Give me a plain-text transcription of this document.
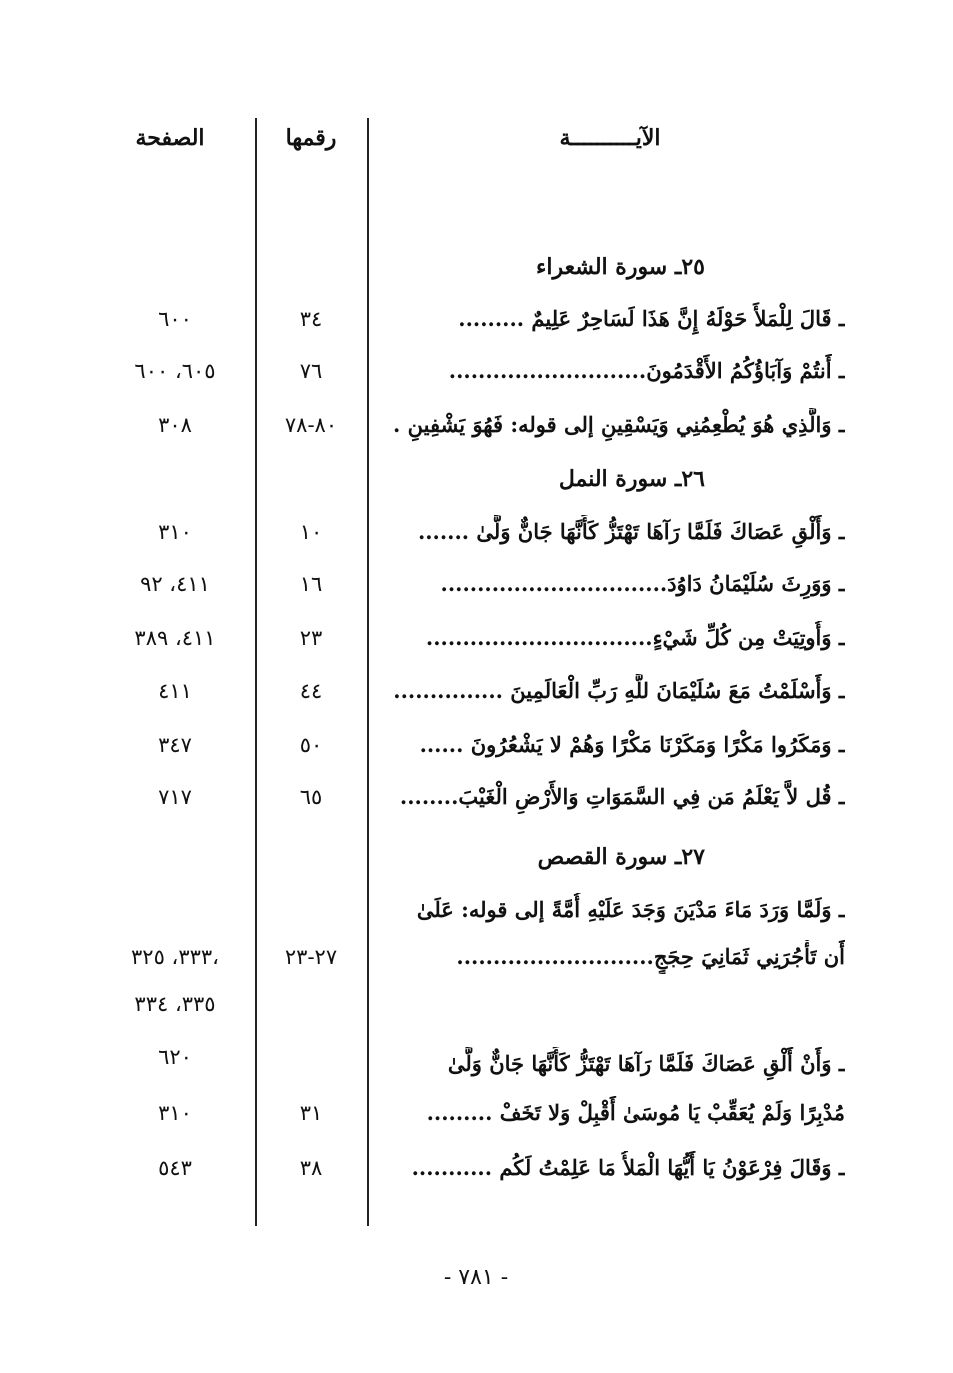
الصفحة	رقمها	الآيــــــــــة
٢٥ـ سورة الشعراء
ـ قَالَ لِلْمَلأَ حَوْلَهُ إِنَّ هَذَا لَسَاحِرٌ عَلِيمٌ .........
٣٤
٦٠٠
ـ أَنتُمْ وَآبَاؤُكُمُ الأَقْدَمُونَ...........................
٧٦
٦٠٥، ٦٠٠
ـ وَالَّذِي هُوَ يُطْعِمُنِي وَيَسْقِينِ إلى قوله: فَهُوَ يَشْفِينِ .
٨٠-٧٨
٣٠٨
٢٦ـ سورة النمل
ـ وَأَلْقِ عَصَاكَ فَلَمَّا رَآهَا تَهْتَزُّ كَأَنَّهَا جَانٌّ وَلَّىٰ .......
١٠
٣١٠
ـ وَوَرِثَ سُلَيْمَانُ دَاوُدَ...............................
١٦
٤١١، ٩٢
ـ وَأُوتِيَتْ مِن كُلِّ شَيْءٍ...............................
٢٣
٤١١، ٣٨٩
ـ وَأَسْلَمْتُ مَعَ سُلَيْمَانَ للَّهِ رَبِّ الْعَالَمِينَ ...............
٤٤
٤١١
ـ وَمَكَرُوا مَكْرًا وَمَكَرْنَا مَكْرًا وَهُمْ لا يَشْعُرُونَ ......
٥٠
٣٤٧
ـ قُل لاَّ يَعْلَمُ مَن فِي السَّمَوَاتِ وَالأَرْضِ الْغَيْبَ........
٦٥
٧١٧
٢٧ـ سورة القصص
ـ وَلَمَّا وَرَدَ مَاءَ مَدْيَنَ وَجَدَ عَلَيْهِ أُمَّةً إلى قوله: عَلَىٰ
أَن تَأْجُرَنِي ثَمَانِيَ حِجَجٍ...........................
٢٧-٢٣
،٣٣٣، ٣٢٥
٣٣٥، ٣٣٤
ـ وَأَنْ أَلْقِ عَصَاكَ فَلَمَّا رَآهَا تَهْتَزُّ كَأَنَّهَا جَانٌّ وَلَّىٰ
٦٢٠
مُدْبِرًا وَلَمْ يُعَقِّبْ يَا مُوسَىٰ أَقْبِلْ وَلا تَخَفْ .........
٣١
٣١٠
ـ وَقَالَ فِرْعَوْنُ يَا أَيُّهَا الْمَلأُ مَا عَلِمْتُ لَكُم ...........
٣٨
٥٤٣
- ٧٨١ -
